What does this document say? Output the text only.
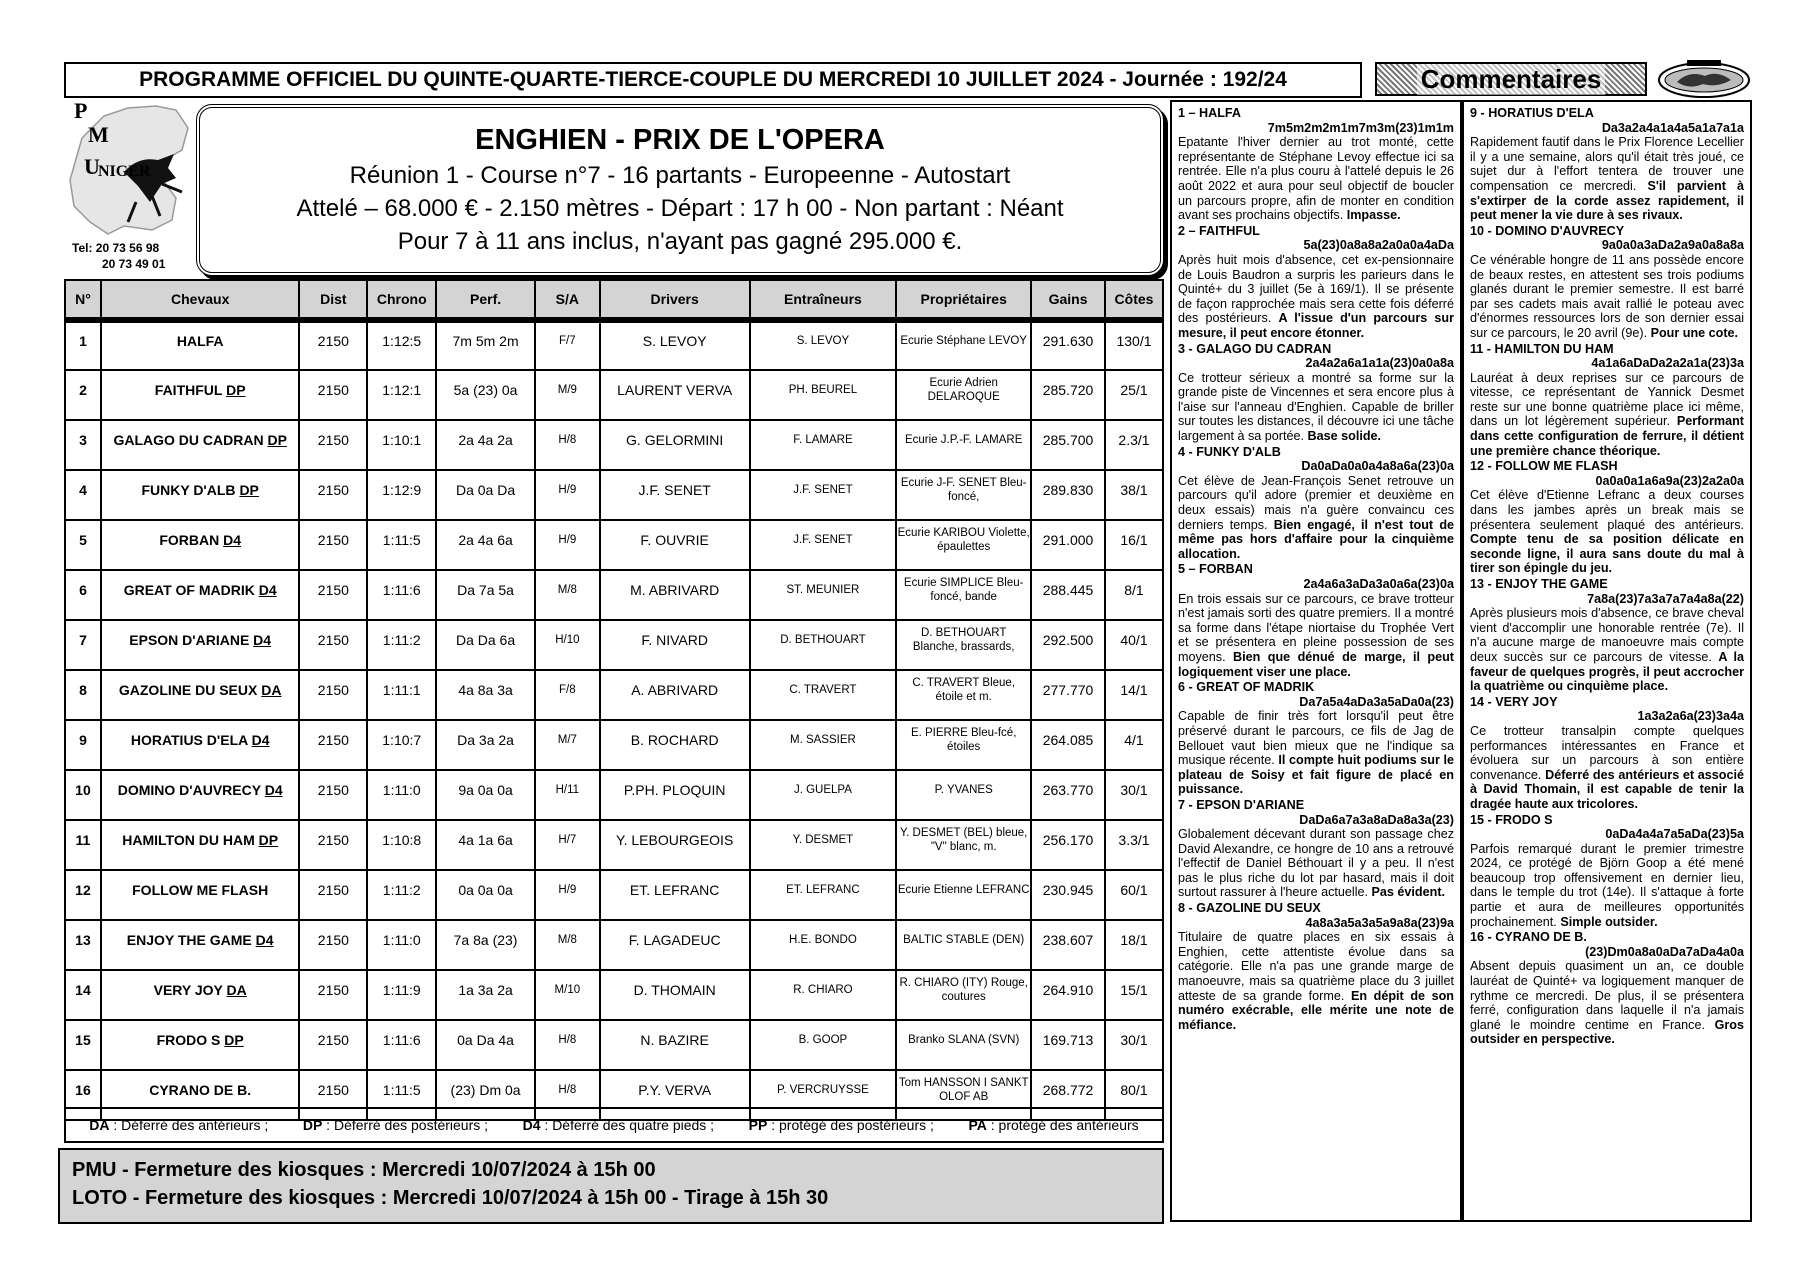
PROGRAMME OFFICIEL DU QUINTE-QUARTE-TIERCE-COUPLE DU MERCREDI 10 JUILLET 2024 - Journée : 192/24	Commentaires
P
M
U
NIGER
Tel: 20 73 56 98
20 73 49 01
ENGHIEN - PRIX DE L'OPERA
Réunion 1 - Course n°7 - 16 partants - Europeenne - Autostart
Attelé – 68.000 € - 2.150 mètres - Départ : 17 h 00 - Non partant : Néant
Pour 7 à 11 ans inclus, n'ayant pas gagné 295.000 €.
N°	Chevaux	Dist	Chrono	Perf.	S/A	Drivers	Entraîneurs	Propriétaires	Gains	Côtes
1	HALFA	2150	1:12:5	7m 5m 2m	F/7	S. LEVOY	S. LEVOY	Ecurie Stéphane LEVOY	291.630	130/1
2	FAITHFUL DP	2150	1:12:1	5a (23) 0a	M/9	LAURENT VERVA	PH. BEUREL	Ecurie Adrien DELAROQUE	285.720	25/1
3	GALAGO DU CADRAN DP	2150	1:10:1	2a 4a 2a	H/8	G. GELORMINI	F. LAMARE	Ecurie J.P.-F. LAMARE	285.700	2.3/1
4	FUNKY D'ALB DP	2150	1:12:9	Da 0a Da	H/9	J.F. SENET	J.F. SENET	Ecurie J-F. SENET Bleu-foncé,	289.830	38/1
5	FORBAN D4	2150	1:11:5	2a 4a 6a	H/9	F. OUVRIE	J.F. SENET	Ecurie KARIBOU Violette, épaulettes	291.000	16/1
6	GREAT OF MADRIK D4	2150	1:11:6	Da 7a 5a	M/8	M. ABRIVARD	ST. MEUNIER	Ecurie SIMPLICE Bleu-foncé, bande	288.445	8/1
7	EPSON D'ARIANE D4	2150	1:11:2	Da Da 6a	H/10	F. NIVARD	D. BETHOUART	D. BETHOUART Blanche, brassards,	292.500	40/1
8	GAZOLINE DU SEUX DA	2150	1:11:1	4a 8a 3a	F/8	A. ABRIVARD	C. TRAVERT	C. TRAVERT Bleue, étoile et m.	277.770	14/1
9	HORATIUS D'ELA D4	2150	1:10:7	Da 3a 2a	M/7	B. ROCHARD	M. SASSIER	E. PIERRE Bleu-fcé, étoiles	264.085	4/1
10	DOMINO D'AUVRECY D4	2150	1:11:0	9a 0a 0a	H/11	P.PH. PLOQUIN	J. GUELPA	P. YVANES	263.770	30/1
11	HAMILTON DU HAM DP	2150	1:10:8	4a 1a 6a	H/7	Y. LEBOURGEOIS	Y. DESMET	Y. DESMET (BEL) bleue, "V" blanc, m.	256.170	3.3/1
12	FOLLOW ME FLASH	2150	1:11:2	0a 0a 0a	H/9	ET. LEFRANC	ET. LEFRANC	Ecurie Etienne LEFRANC	230.945	60/1
13	ENJOY THE GAME D4	2150	1:11:0	7a 8a (23)	M/8	F. LAGADEUC	H.E. BONDO	BALTIC STABLE (DEN)	238.607	18/1
14	VERY JOY DA	2150	1:11:9	1a 3a 2a	M/10	D. THOMAIN	R. CHIARO	R. CHIARO (ITY) Rouge, coutures	264.910	15/1
15	FRODO S DP	2150	1:11:6	0a Da 4a	H/8	N. BAZIRE	B. GOOP	Branko SLANA (SVN)	169.713	30/1
16	CYRANO DE B.	2150	1:11:5	(23) Dm 0a	H/8	P.Y. VERVA	P. VERCRUYSSE	Tom HANSSON I SANKT OLOF AB	268.772	80/1
DA : Déferré des antérieurs ; DP : Déferré des postérieurs ; D4 : Déferré des quatre pieds ; PP : protégé des postérieurs ; PA : protégé des antérieurs
PMU - Fermeture des kiosques : Mercredi 10/07/2024 à 15h 00
LOTO - Fermeture des kiosques : Mercredi 10/07/2024 à 15h 00 - Tirage à 15h 30
1 – HALFA
7m5m2m2m1m7m3m(23)1m1m
Epatante l'hiver dernier au trot monté, cette représentante de Stéphane Levoy effectue ici sa rentrée. Elle n'a plus couru à l'attelé depuis le 26 août 2022 et aura pour seul objectif de boucler un parcours propre, afin de monter en condition avant ses prochains objectifs. Impasse.
2 – FAITHFUL
5a(23)0a8a8a2a0a0a4aDa
Après huit mois d'absence, cet ex-pensionnaire de Louis Baudron a surpris les parieurs dans le Quinté+ du 3 juillet (5e à 169/1). Il se présente de façon rapprochée mais sera cette fois déferré des postérieurs. A l'issue d'un parcours sur mesure, il peut encore étonner.
3 - GALAGO DU CADRAN
2a4a2a6a1a1a(23)0a0a8a
Ce trotteur sérieux a montré sa forme sur la grande piste de Vincennes et sera encore plus à l'aise sur l'anneau d'Enghien. Capable de briller sur toutes les distances, il découvre ici une tâche largement à sa portée. Base solide.
4 - FUNKY D'ALB
Da0aDa0a0a4a8a6a(23)0a
Cet élève de Jean-François Senet retrouve un parcours qu'il adore (premier et deuxième en deux essais) mais n'a guère convaincu ces derniers temps. Bien engagé, il n'est tout de même pas hors d'affaire pour la cinquième allocation.
5 – FORBAN
2a4a6a3aDa3a0a6a(23)0a
En trois essais sur ce parcours, ce brave trotteur n'est jamais sorti des quatre premiers. Il a montré sa forme dans l'étape niortaise du Trophée Vert et se présentera en pleine possession de ses moyens. Bien que dénué de marge, il peut logiquement viser une place.
6 - GREAT OF MADRIK
Da7a5a4aDa3a5aDa0a(23)
Capable de finir très fort lorsqu'il peut être préservé durant le parcours, ce fils de Jag de Bellouet vaut bien mieux que ne l'indique sa musique récente. Il compte huit podiums sur le plateau de Soisy et fait figure de placé en puissance.
7 - EPSON D'ARIANE
DaDa6a7a3a8aDa8a3a(23)
Globalement décevant durant son passage chez David Alexandre, ce hongre de 10 ans a retrouvé l'effectif de Daniel Béthouart il y a peu. Il n'est pas le plus riche du lot par hasard, mais il doit surtout rassurer à l'heure actuelle. Pas évident.
8 - GAZOLINE DU SEUX
4a8a3a5a3a5a9a8a(23)9a
Titulaire de quatre places en six essais à Enghien, cette attentiste évolue dans sa catégorie. Elle n'a pas une grande marge de manoeuvre, mais sa quatrième place du 3 juillet atteste de sa grande forme. En dépit de son numéro exécrable, elle mérite une note de méfiance.
9 - HORATIUS D'ELA
Da3a2a4a1a4a5a1a7a1a
Rapidement fautif dans le Prix Florence Lecellier il y a une semaine, alors qu'il était très joué, ce sujet dur à l'effort tentera de trouver une compensation ce mercredi. S'il parvient à s'extirper de la corde assez rapidement, il peut mener la vie dure à ses rivaux.
10 - DOMINO D'AUVRECY
9a0a0a3aDa2a9a0a8a8a
Ce vénérable hongre de 11 ans possède encore de beaux restes, en attestent ses trois podiums glanés durant le premier semestre. Il est barré par ses cadets mais avait rallié le poteau avec d'énormes ressources lors de son dernier essai sur ce parcours, le 20 avril (9e). Pour une cote.
11 - HAMILTON DU HAM
4a1a6aDaDa2a2a1a(23)3a
Lauréat à deux reprises sur ce parcours de vitesse, ce représentant de Yannick Desmet reste sur une bonne quatrième place ici même, dans un lot légèrement supérieur. Performant dans cette configuration de ferrure, il détient une première chance théorique.
12 - FOLLOW ME FLASH
0a0a0a1a6a9a(23)2a2a0a
Cet élève d'Etienne Lefranc a deux courses dans les jambes après un break mais se présentera seulement plaqué des antérieurs. Compte tenu de sa position délicate en seconde ligne, il aura sans doute du mal à tirer son épingle du jeu.
13 - ENJOY THE GAME
7a8a(23)7a3a7a7a4a8a(22)
Après plusieurs mois d'absence, ce brave cheval vient d'accomplir une honorable rentrée (7e). Il n'a aucune marge de manoeuvre mais compte deux succès sur ce parcours de vitesse. A la faveur de quelques progrès, il peut accrocher la quatrième ou cinquième place.
14 - VERY JOY
1a3a2a6a(23)3a4a
Ce trotteur transalpin compte quelques performances intéressantes en France et évoluera sur un parcours à son entière convenance. Déferré des antérieurs et associé à David Thomain, il est capable de tenir la dragée haute aux tricolores.
15 - FRODO S
0aDa4a4a7a5aDa(23)5a
Parfois remarqué durant le premier trimestre 2024, ce protégé de Björn Goop a été mené beaucoup trop offensivement en dernier lieu, dans le temple du trot (14e). Il s'attaque à forte partie et aura de meilleures opportunités prochainement. Simple outsider.
16 - CYRANO DE B.
(23)Dm0a8a0aDa7aDa4a0a
Absent depuis quasiment un an, ce double lauréat de Quinté+ va logiquement manquer de rythme ce mercredi. De plus, il se présentera ferré, configuration dans laquelle il n'a jamais glané le moindre centime en France. Gros outsider en perspective.
